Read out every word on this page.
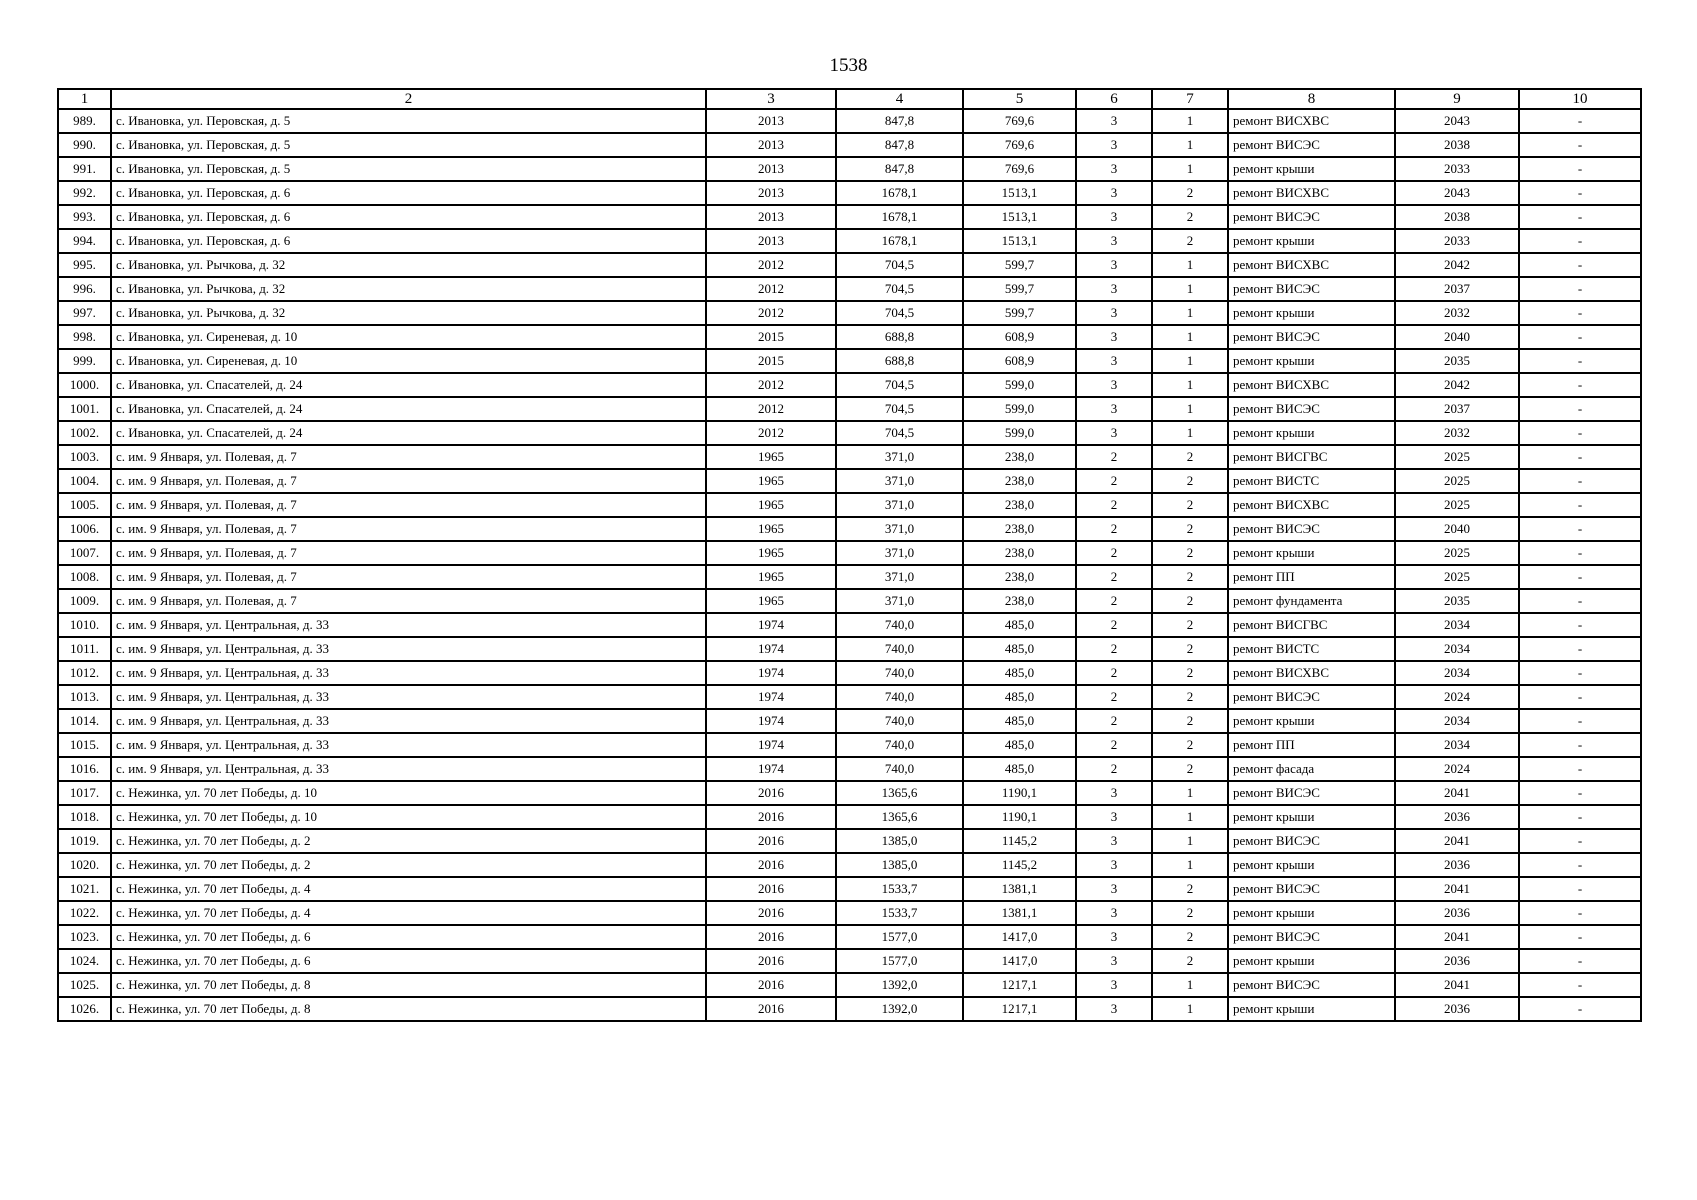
1538
1	2	3	4	5	6	7	8	9	10
989.	с. Ивановка, ул. Перовская, д. 5	2013	847,8	769,6	3	1	ремонт ВИСХВС	2043	-
990.	с. Ивановка, ул. Перовская, д. 5	2013	847,8	769,6	3	1	ремонт ВИСЭС	2038	-
991.	с. Ивановка, ул. Перовская, д. 5	2013	847,8	769,6	3	1	ремонт крыши	2033	-
992.	с. Ивановка, ул. Перовская, д. 6	2013	1678,1	1513,1	3	2	ремонт ВИСХВС	2043	-
993.	с. Ивановка, ул. Перовская, д. 6	2013	1678,1	1513,1	3	2	ремонт ВИСЭС	2038	-
994.	с. Ивановка, ул. Перовская, д. 6	2013	1678,1	1513,1	3	2	ремонт крыши	2033	-
995.	с. Ивановка, ул. Рычкова, д. 32	2012	704,5	599,7	3	1	ремонт ВИСХВС	2042	-
996.	с. Ивановка, ул. Рычкова, д. 32	2012	704,5	599,7	3	1	ремонт ВИСЭС	2037	-
997.	с. Ивановка, ул. Рычкова, д. 32	2012	704,5	599,7	3	1	ремонт крыши	2032	-
998.	с. Ивановка, ул. Сиреневая, д. 10	2015	688,8	608,9	3	1	ремонт ВИСЭС	2040	-
999.	с. Ивановка, ул. Сиреневая, д. 10	2015	688,8	608,9	3	1	ремонт крыши	2035	-
1000.	с. Ивановка, ул. Спасателей, д. 24	2012	704,5	599,0	3	1	ремонт ВИСХВС	2042	-
1001.	с. Ивановка, ул. Спасателей, д. 24	2012	704,5	599,0	3	1	ремонт ВИСЭС	2037	-
1002.	с. Ивановка, ул. Спасателей, д. 24	2012	704,5	599,0	3	1	ремонт крыши	2032	-
1003.	с. им. 9 Января, ул. Полевая, д. 7	1965	371,0	238,0	2	2	ремонт ВИСГВС	2025	-
1004.	с. им. 9 Января, ул. Полевая, д. 7	1965	371,0	238,0	2	2	ремонт ВИСТС	2025	-
1005.	с. им. 9 Января, ул. Полевая, д. 7	1965	371,0	238,0	2	2	ремонт ВИСХВС	2025	-
1006.	с. им. 9 Января, ул. Полевая, д. 7	1965	371,0	238,0	2	2	ремонт ВИСЭС	2040	-
1007.	с. им. 9 Января, ул. Полевая, д. 7	1965	371,0	238,0	2	2	ремонт крыши	2025	-
1008.	с. им. 9 Января, ул. Полевая, д. 7	1965	371,0	238,0	2	2	ремонт ПП	2025	-
1009.	с. им. 9 Января, ул. Полевая, д. 7	1965	371,0	238,0	2	2	ремонт фундамента	2035	-
1010.	с. им. 9 Января, ул. Центральная, д. 33	1974	740,0	485,0	2	2	ремонт ВИСГВС	2034	-
1011.	с. им. 9 Января, ул. Центральная, д. 33	1974	740,0	485,0	2	2	ремонт ВИСТС	2034	-
1012.	с. им. 9 Января, ул. Центральная, д. 33	1974	740,0	485,0	2	2	ремонт ВИСХВС	2034	-
1013.	с. им. 9 Января, ул. Центральная, д. 33	1974	740,0	485,0	2	2	ремонт ВИСЭС	2024	-
1014.	с. им. 9 Января, ул. Центральная, д. 33	1974	740,0	485,0	2	2	ремонт крыши	2034	-
1015.	с. им. 9 Января, ул. Центральная, д. 33	1974	740,0	485,0	2	2	ремонт ПП	2034	-
1016.	с. им. 9 Января, ул. Центральная, д. 33	1974	740,0	485,0	2	2	ремонт фасада	2024	-
1017.	с. Нежинка, ул. 70 лет Победы, д. 10	2016	1365,6	1190,1	3	1	ремонт ВИСЭС	2041	-
1018.	с. Нежинка, ул. 70 лет Победы, д. 10	2016	1365,6	1190,1	3	1	ремонт крыши	2036	-
1019.	с. Нежинка, ул. 70 лет Победы, д. 2	2016	1385,0	1145,2	3	1	ремонт ВИСЭС	2041	-
1020.	с. Нежинка, ул. 70 лет Победы, д. 2	2016	1385,0	1145,2	3	1	ремонт крыши	2036	-
1021.	с. Нежинка, ул. 70 лет Победы, д. 4	2016	1533,7	1381,1	3	2	ремонт ВИСЭС	2041	-
1022.	с. Нежинка, ул. 70 лет Победы, д. 4	2016	1533,7	1381,1	3	2	ремонт крыши	2036	-
1023.	с. Нежинка, ул. 70 лет Победы, д. 6	2016	1577,0	1417,0	3	2	ремонт ВИСЭС	2041	-
1024.	с. Нежинка, ул. 70 лет Победы, д. 6	2016	1577,0	1417,0	3	2	ремонт крыши	2036	-
1025.	с. Нежинка, ул. 70 лет Победы, д. 8	2016	1392,0	1217,1	3	1	ремонт ВИСЭС	2041	-
1026.	с. Нежинка, ул. 70 лет Победы, д. 8	2016	1392,0	1217,1	3	1	ремонт крыши	2036	-
